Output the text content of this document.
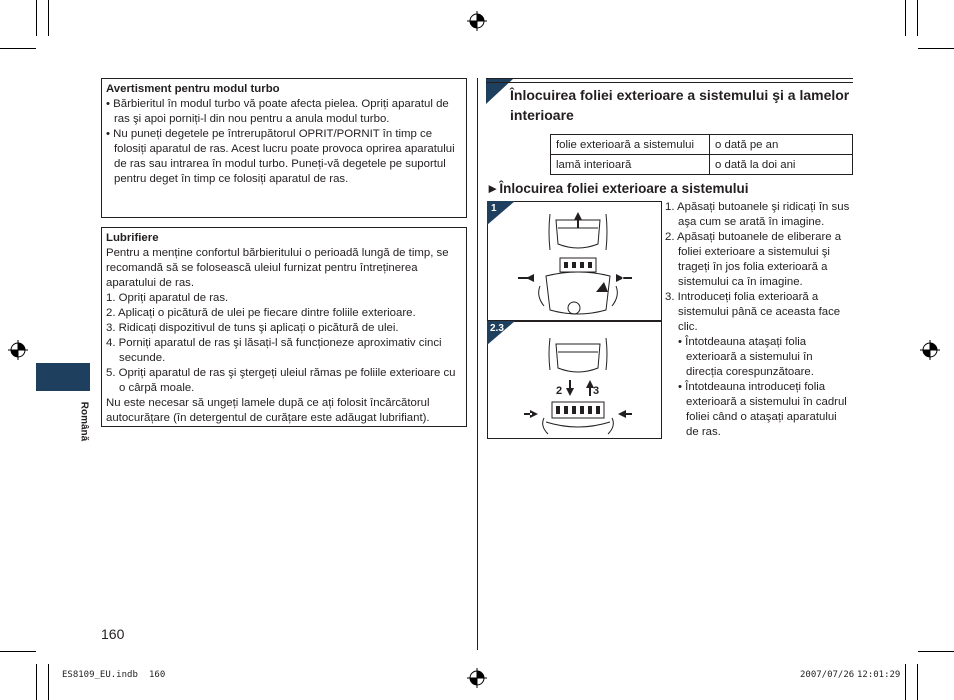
Română
Avertisment pentru modul turbo

• Bărbieritul în modul turbo vă poate afecta pielea. Opriți aparatul de ras şi apoi porniți-l din nou pentru a anula modul turbo.

• Nu puneți degetele pe întrerupătorul OPRIT/PORNIT în timp ce folosiți aparatul de ras. Acest lucru poate provoca oprirea aparatului de ras sau intrarea în modul turbo. Puneți-vă degetele pe suportul pentru deget în timp ce folosiți aparatul de ras.

Lubrifiere

Pentru a menține confortul bărbieritului o perioadă lungă de timp, se recomandă să se folosească uleiul furnizat pentru întreținerea aparatului de ras.

1. Opriți aparatul de ras.

2. Aplicați o picătură de ulei pe fiecare dintre foliile exterioare.

3. Ridicați dispozitivul de tuns şi aplicați o picătură de ulei.

4. Porniți aparatul de ras şi lăsați-l să funcționeze aproximativ cinci secunde.

5. Opriți aparatul de ras şi ştergeți uleiul rămas pe foliile exterioare cu o cârpă moale.

Nu este necesar să ungeți lamele după ce ați folosit încărcătorul autocurățare (în detergentul de curățare este adăugat lubrifiant).

Înlocuirea foliei exterioare a sistemului şi a lamelor interioare
folie exterioară a sistemului	o dată pe an
lamă interioară	o dată la doi ani
►Înlocuirea foliei exterioare a sistemului
1
2.3
2	3

1. Apăsați butoanele şi ridicați în sus aşa cum se arată în imagine.

2. Apăsați butoanele de eliberare a foliei exterioare a sistemului şi trageți în jos folia exterioară a sistemului ca în imagine.

3. Introduceți folia exterioară a sistemului până ce aceasta face clic.

• Întotdeauna ataşați folia exterioară a sistemului în direcția corespunzătoare.

• Întotdeauna introduceți folia exterioară a sistemului în cadrul foliei când o ataşați aparatului de ras.

160
ES8109_EU.indb 160	2007/07/26 12:01:29
